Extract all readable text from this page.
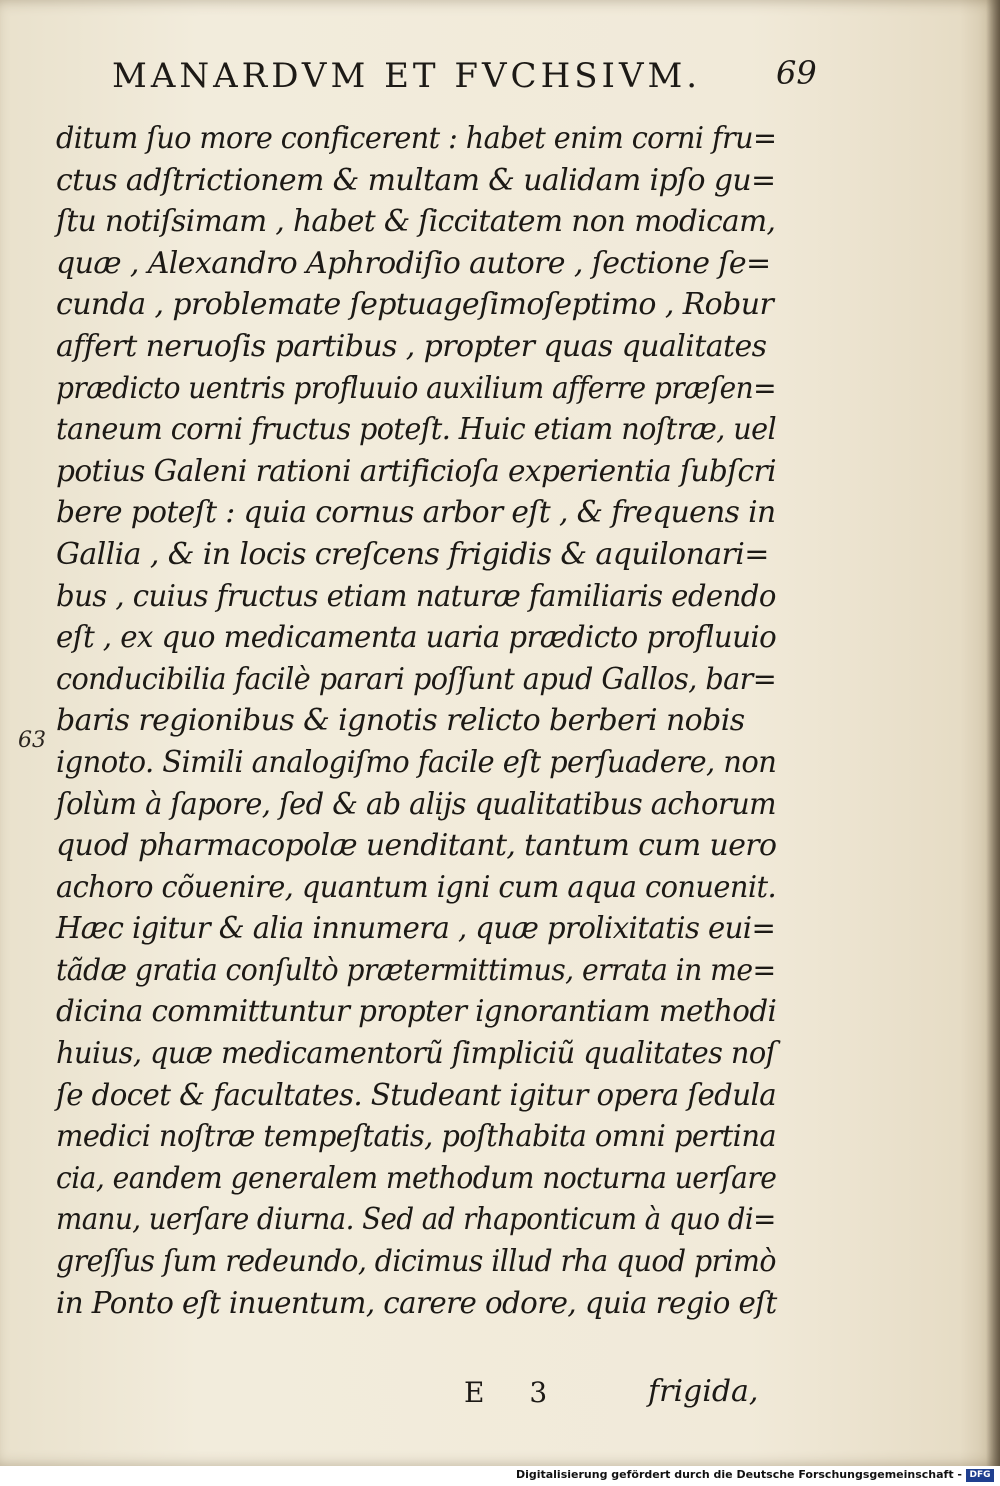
MANARDVM ET FVCHSIVM. 69
ditum ſuo more conficerent : habet enim corni fru=
ctus adſtrictionem & multam & ualidam ipſo gu=
ſtu notiſsimam , habet & ſiccitatem non modicam,
quæ , Alexandro Aphrodiſio autore , ſectione ſe=
cunda , problemate ſeptuageſimoſeptimo , Robur
affert neruoſis partibus , propter quas qualitates
prædicto uentris profluuio auxilium afferre præſen=
taneum corni fructus poteſt. Huic etiam noſtræ, uel
potius Galeni rationi artificioſa experientia ſubſcri
bere poteſt : quia cornus arbor eſt , & frequens in
Gallia , & in locis creſcens frigidis & aquilonari=
bus , cuius fructus etiam naturæ familiaris edendo
eſt , ex quo medicamenta uaria prædicto profluuio
conducibilia facilè parari poſſunt apud Gallos, bar=
baris regionibus & ignotis relicto berberi nobis
ignoto. Simili analogiſmo facile eſt perſuadere, non
ſolùm à ſapore, ſed & ab alijs qualitatibus achorum
quod pharmacopolæ uenditant, tantum cum uero
achoro cõuenire, quantum igni cum aqua conuenit.
Hæc igitur & alia innumera , quæ prolixitatis eui=
tãdæ gratia conſultò prætermittimus, errata in me=
dicina committuntur propter ignorantiam methodi
huius, quæ medicamentorũ ſimpliciũ qualitates noſ
ſe docet & facultates. Studeant igitur opera ſedula
medici noſtræ tempeſtatis, poſthabita omni pertina
cia, eandem generalem methodum nocturna uerſare
manu, uerſare diurna. Sed ad rhaponticum à quo di=
greſſus ſum redeundo, dicimus illud rha quod primò
in Ponto eſt inuentum, carere odore, quia regio eſt
63
E 3	frigida,
Digitalisierung gefördert durch die Deutsche Forschungsgemeinschaft - DFG
